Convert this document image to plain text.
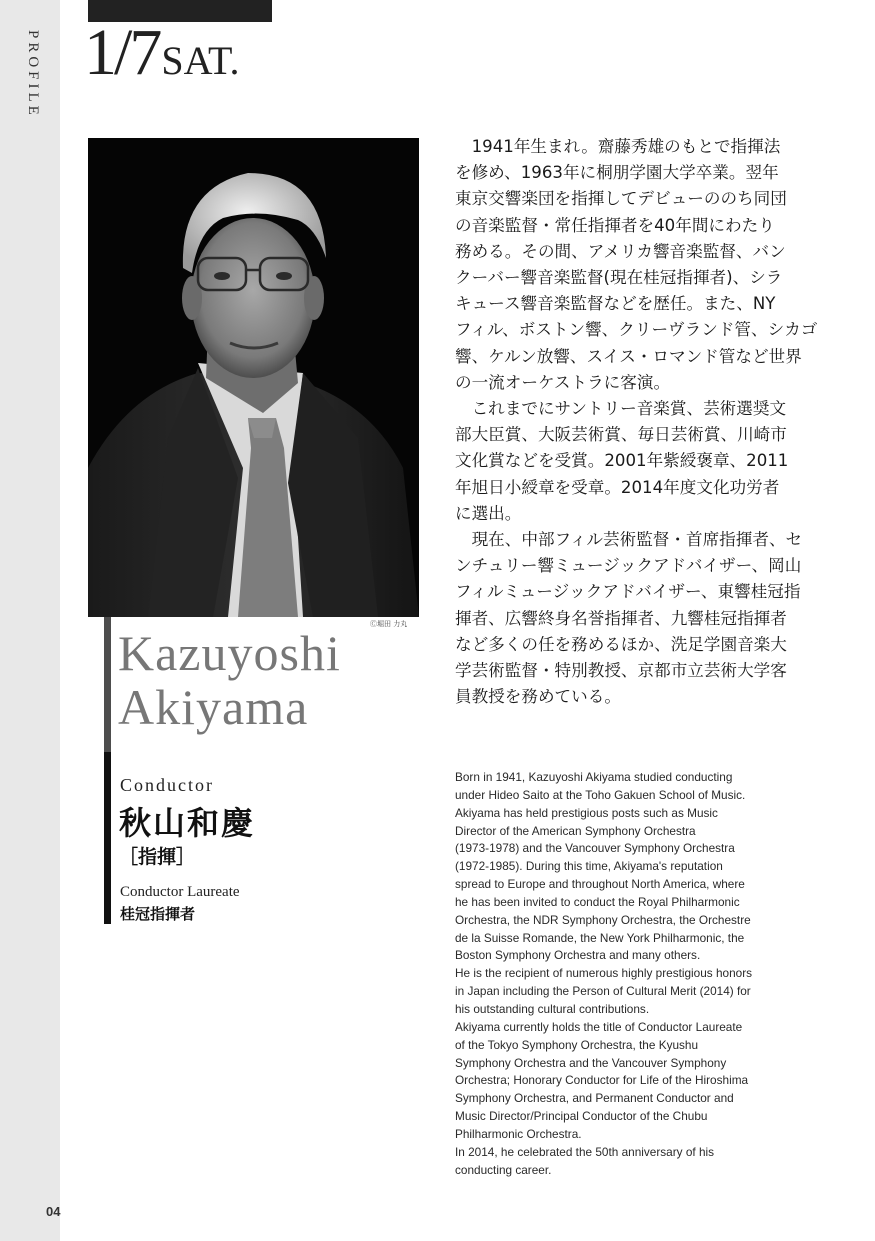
PROFILE
04
1/7SAT.
Ⓒ堀田 力丸
Kazuyoshi
Akiyama
Conductor
秋山和慶
［指揮］
Conductor Laureate
桂冠指揮者
　1941年生まれ。齋藤秀雄のもとで指揮法
を修め、1963年に桐朋学園大学卒業。翌年
東京交響楽団を指揮してデビューののち同団
の音楽監督・常任指揮者を40年間にわたり
務める。その間、アメリカ響音楽監督、バン
クーバー響音楽監督(現在桂冠指揮者)、シラ
キュース響音楽監督などを歴任。また、NY
フィル、ボストン響、クリーヴランド管、シカゴ
響、ケルン放響、スイス・ロマンド管など世界
の一流オーケストラに客演。
　これまでにサントリー音楽賞、芸術選奨文
部大臣賞、大阪芸術賞、毎日芸術賞、川崎市
文化賞などを受賞。2001年紫綬褒章、2011
年旭日小綬章を受章。2014年度文化功労者
に選出。
　現在、中部フィル芸術監督・首席指揮者、セ
ンチュリー響ミュージックアドバイザー、岡山
フィルミュージックアドバイザー、東響桂冠指
揮者、広響終身名誉指揮者、九響桂冠指揮者
など多くの任を務めるほか、洗足学園音楽大
学芸術監督・特別教授、京都市立芸術大学客
員教授を務めている。
Born in 1941, Kazuyoshi Akiyama studied conducting
under Hideo Saito at the Toho Gakuen School of Music.
Akiyama has held prestigious posts such as Music
Director of the American Symphony Orchestra
(1973-1978) and the Vancouver Symphony Orchestra
(1972-1985). During this time, Akiyama's reputation
spread to Europe and throughout North America, where
he has been invited to conduct the Royal Philharmonic
Orchestra, the NDR Symphony Orchestra, the Orchestre
de la Suisse Romande, the New York Philharmonic, the
Boston Symphony Orchestra and many others.
He is the recipient of numerous highly prestigious honors
in Japan including the Person of Cultural Merit (2014) for
his outstanding cultural contributions.
Akiyama currently holds the title of Conductor Laureate
of the Tokyo Symphony Orchestra, the Kyushu
Symphony Orchestra and the Vancouver Symphony
Orchestra; Honorary Conductor for Life of the Hiroshima
Symphony Orchestra, and Permanent Conductor and
Music Director/Principal Conductor of the Chubu
Philharmonic Orchestra.
In 2014, he celebrated the 50th anniversary of his
conducting career.
